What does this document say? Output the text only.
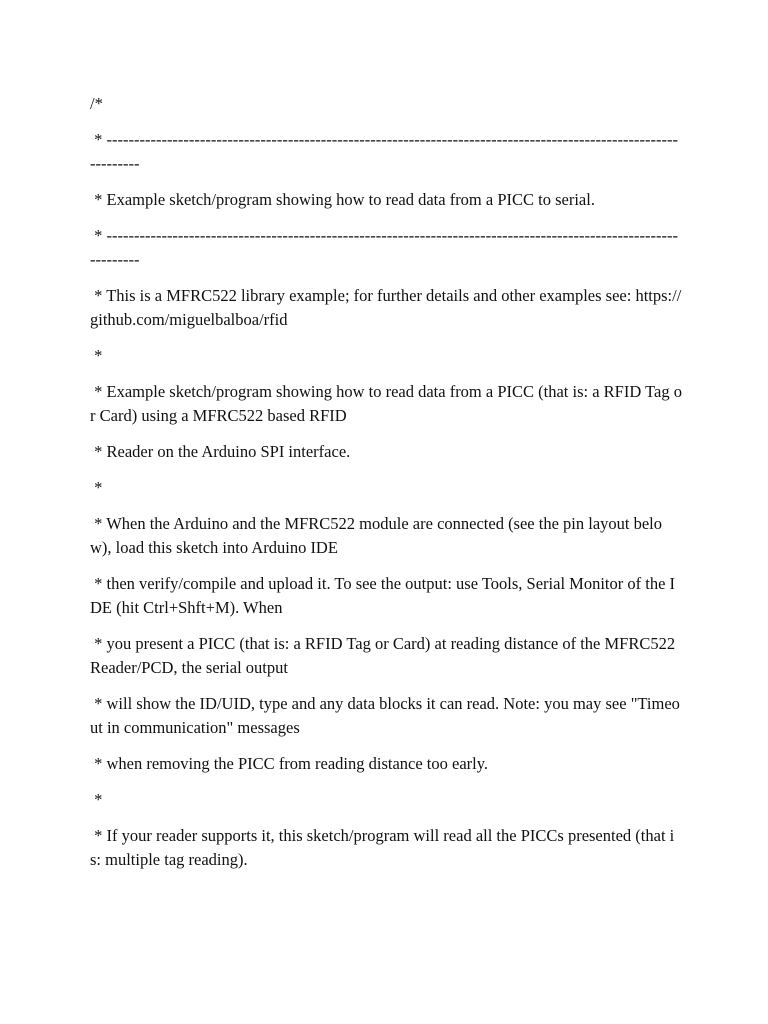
/*

* -----------------------------------------------------------------------------------------------------------------

* Example sketch/program showing how to read data from a PICC to serial.

* -----------------------------------------------------------------------------------------------------------------

* This is a MFRC522 library example; for further details and other examples see: https://github.com/miguelbalboa/rfid

*

* Example sketch/program showing how to read data from a PICC (that is: a RFID Tag or Card) using a MFRC522 based RFID

* Reader on the Arduino SPI interface.

*

* When the Arduino and the MFRC522 module are connected (see the pin layout below), load this sketch into Arduino IDE

* then verify/compile and upload it. To see the output: use Tools, Serial Monitor of the IDE (hit Ctrl+Shft+M). When

* you present a PICC (that is: a RFID Tag or Card) at reading distance of the MFRC522 Reader/PCD, the serial output

* will show the ID/UID, type and any data blocks it can read. Note: you may see "Timeout in communication" messages

* when removing the PICC from reading distance too early.

*

* If your reader supports it, this sketch/program will read all the PICCs presented (that is: multiple tag reading).
